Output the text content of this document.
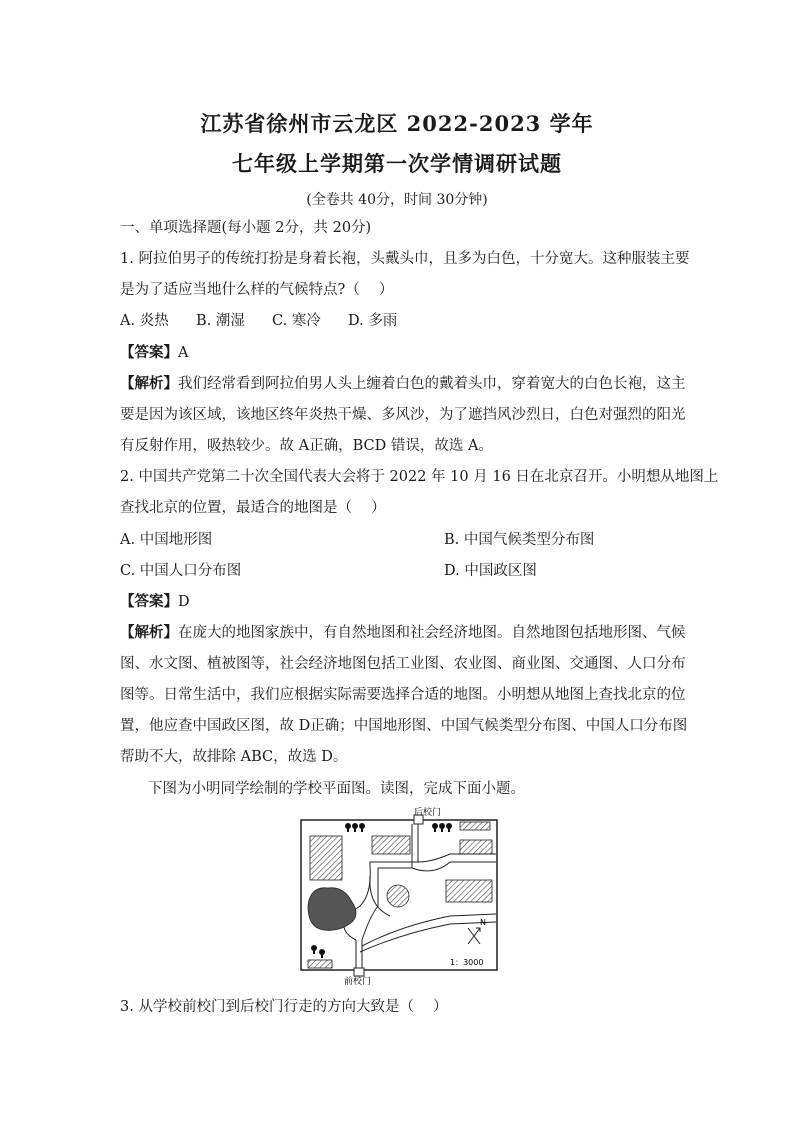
江苏省徐州市云龙区 2022-2023 学年
七年级上学期第一次学情调研试题
(全卷共 40分，时间 30分钟)
一、单项选择题(每小题 2分，共 20分)
1. 阿拉伯男子的传统打扮是身着长袍，头戴头巾，且多为白色，十分宽大。这种服装主要
是为了适应当地什么样的气候特点?（　 ）
A. 炎热 B. 潮湿 C. 寒冷 D. 多雨
【答案】A
【解析】我们经常看到阿拉伯男人头上缠着白色的戴着头巾，穿着宽大的白色长袍，这主
要是因为该区域，该地区终年炎热干燥、多风沙，为了遮挡风沙烈日，白色对强烈的阳光
有反射作用，吸热较少。故 A正确，BCD 错误，故选 A。
2. 中国共产党第二十次全国代表大会将于 2022 年 10 月 16 日在北京召开。小明想从地图上
查找北京的位置，最适合的地图是（　 ）
A. 中国地形图	B. 中国气候类型分布图
C. 中国人口分布图	D. 中国政区图
【答案】D
【解析】在庞大的地图家族中，有自然地图和社会经济地图。自然地图包括地形图、气候
图、水文图、植被图等，社会经济地图包括工业图、农业图、商业图、交通图、人口分布
图等。日常生活中，我们应根据实际需要选择合适的地图。小明想从地图上查找北京的位
置，他应查中国政区图，故 D正确；中国地形图、中国气候类型分布图、中国人口分布图
帮助不大，故排除 ABC，故选 D。
下图为小明同学绘制的学校平面图。读图，完成下面小题。
后校门
前校门
N
1：3000
3. 从学校前校门到后校门行走的方向大致是（　 ）
